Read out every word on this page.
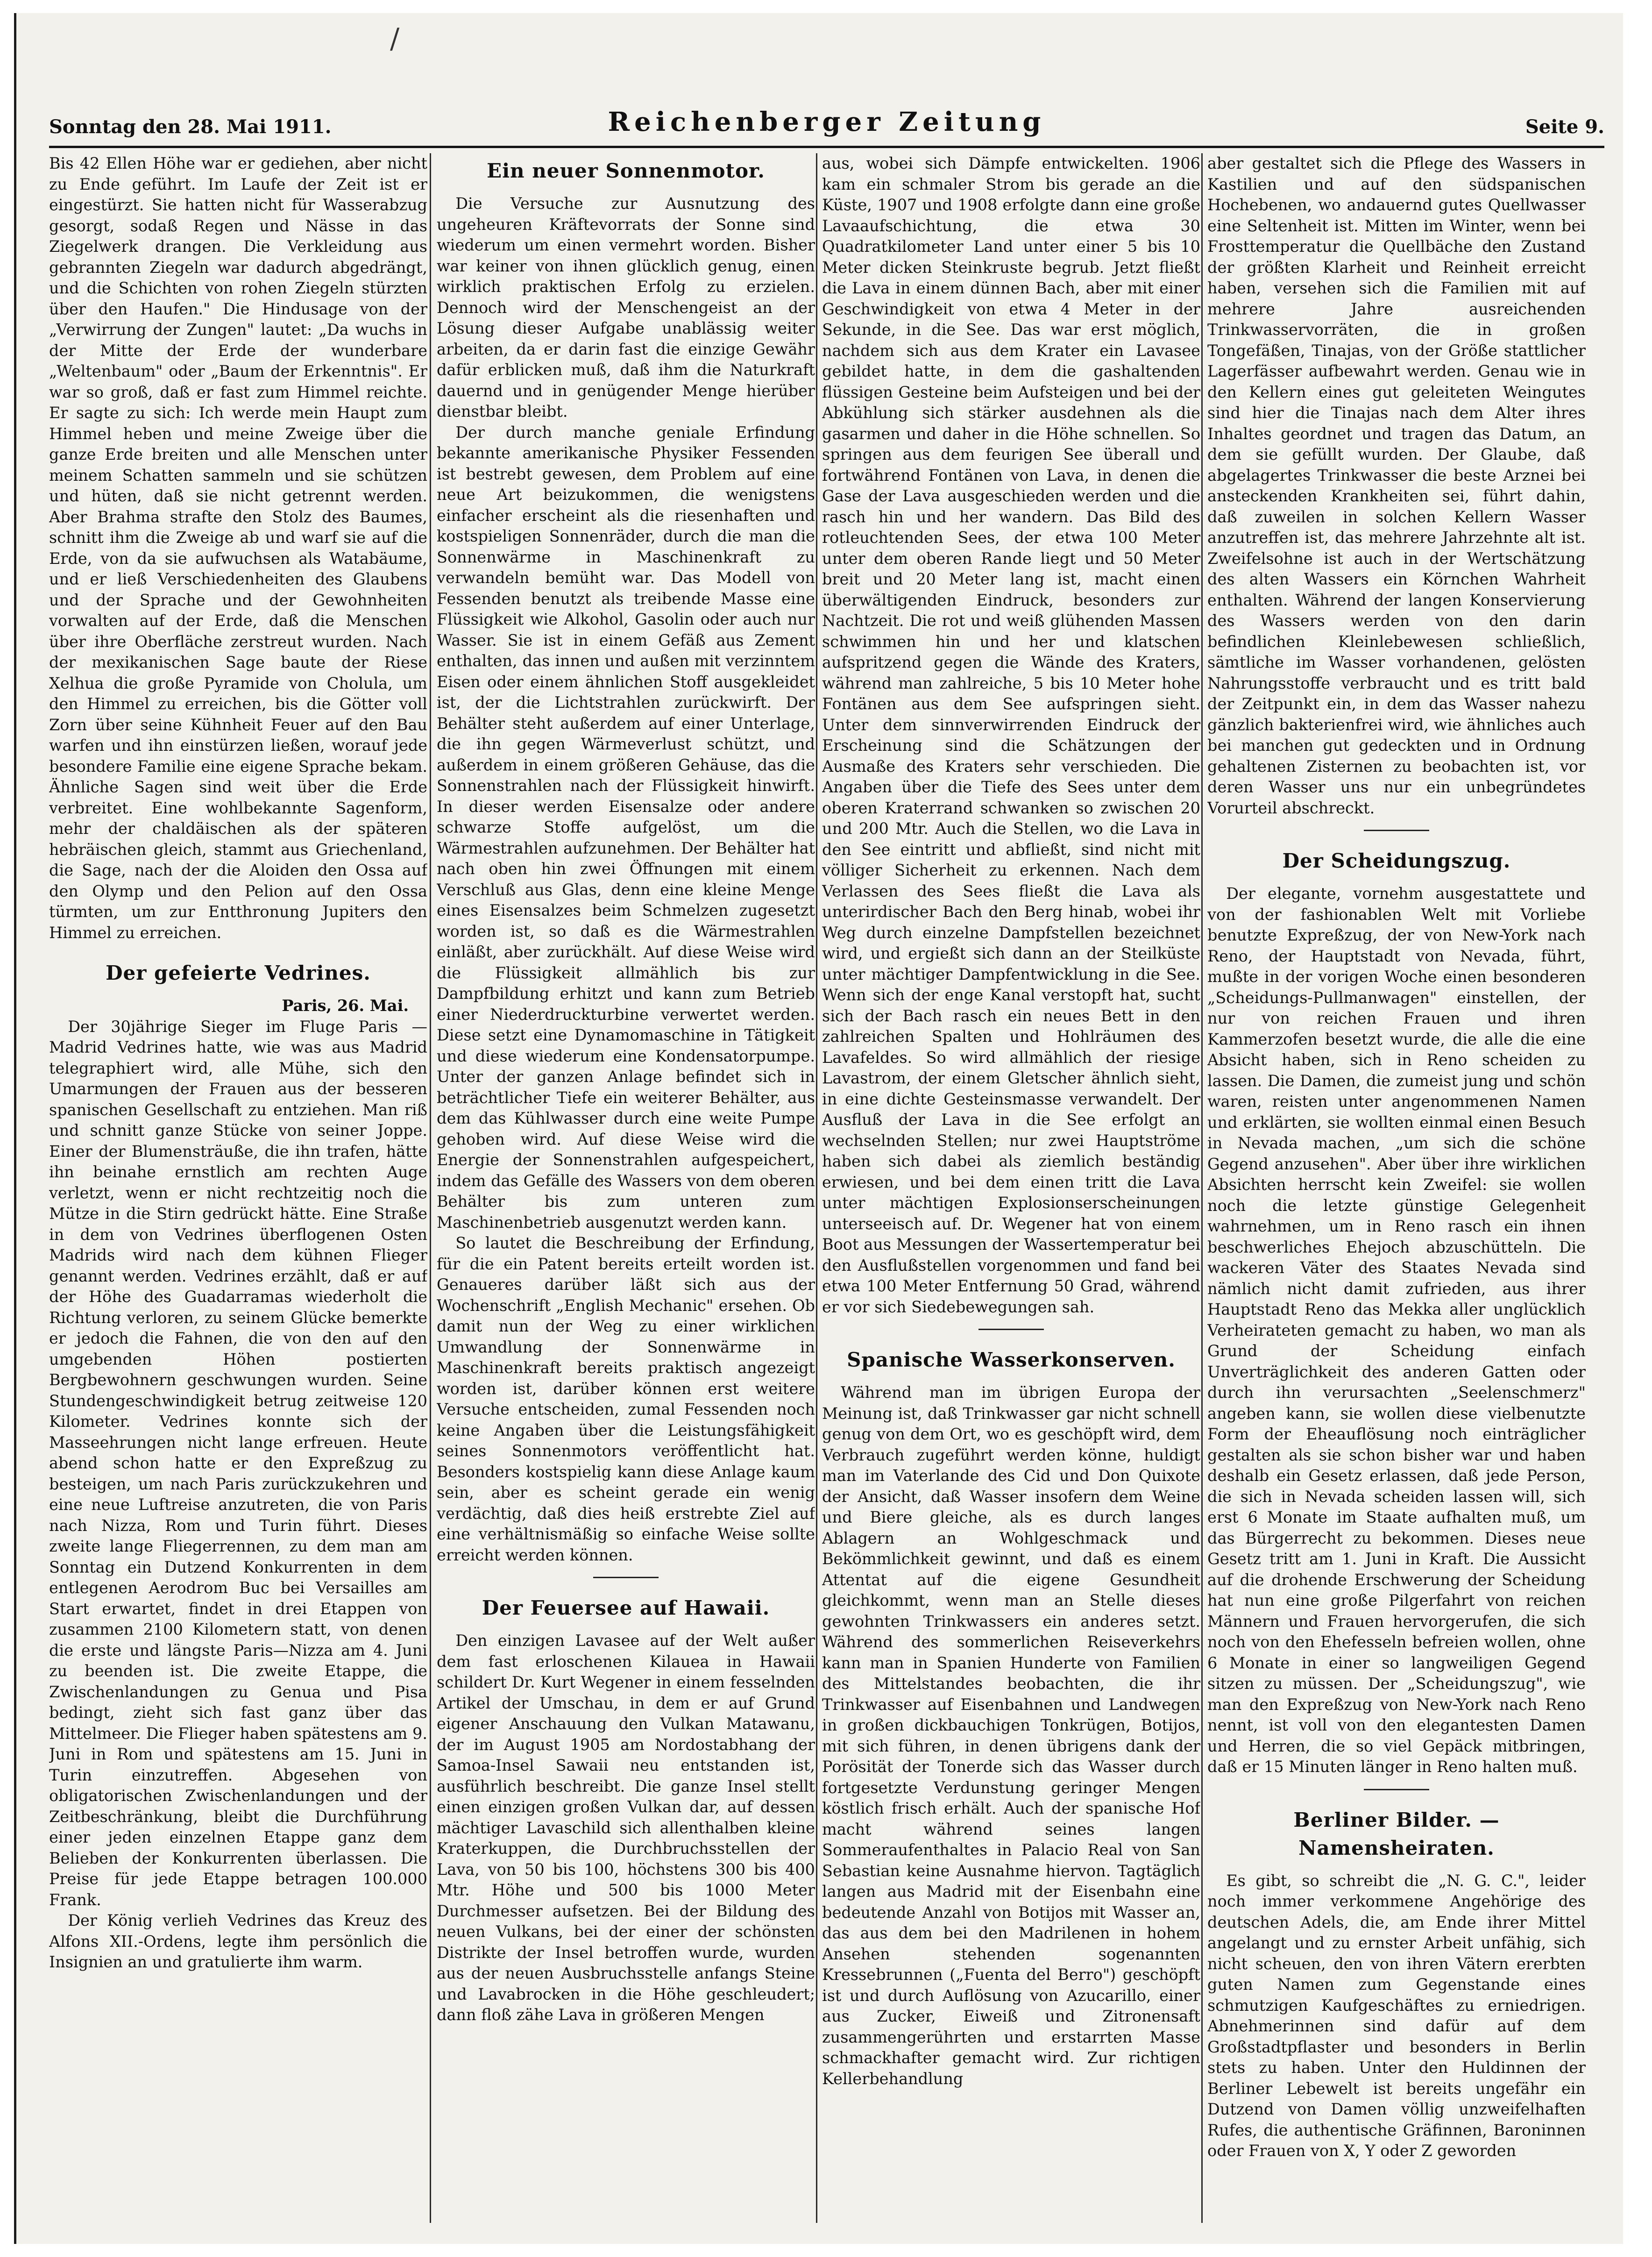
/
Sonntag den 28. Mai 1911.	Reichenberger Zeitung	Seite 9.

Bis 42 Ellen Höhe war er gediehen, aber nicht zu Ende geführt. Im Laufe der Zeit ist er eingestürzt. Sie hatten nicht für Wasserabzug gesorgt, sodaß Regen und Nässe in das Ziegelwerk drangen. Die Verkleidung aus gebrannten Ziegeln war dadurch abgedrängt, und die Schichten von rohen Ziegeln stürzten über den Haufen." Die Hindusage von der „Verwirrung der Zungen" lautet: „Da wuchs in der Mitte der Erde der wunderbare „Weltenbaum" oder „Baum der Erkenntnis". Er war so groß, daß er fast zum Himmel reichte. Er sagte zu sich: Ich werde mein Haupt zum Himmel heben und meine Zweige über die ganze Erde breiten und alle Menschen unter meinem Schatten sammeln und sie schützen und hüten, daß sie nicht getrennt werden. Aber Brahma strafte den Stolz des Baumes, schnitt ihm die Zweige ab und warf sie auf die Erde, von da sie aufwuchsen als Watabäume, und er ließ Verschiedenheiten des Glaubens und der Sprache und der Gewohnheiten vorwalten auf der Erde, daß die Menschen über ihre Oberfläche zerstreut wurden. Nach der mexikanischen Sage baute der Riese Xelhua die große Pyramide von Cholula, um den Himmel zu erreichen, bis die Götter voll Zorn über seine Kühnheit Feuer auf den Bau warfen und ihn einstürzen ließen, worauf jede besondere Familie eine eigene Sprache bekam. Ähnliche Sagen sind weit über die Erde verbreitet. Eine wohlbekannte Sagenform, mehr der chaldäischen als der späteren hebräischen gleich, stammt aus Griechenland, die Sage, nach der die Aloiden den Ossa auf den Olymp und den Pelion auf den Ossa türmten, um zur Entthronung Jupiters den Himmel zu erreichen.

Der gefeierte Vedrines.

Paris, 26. Mai.

Der 30jährige Sieger im Fluge Paris —Madrid Vedrines hatte, wie was aus Madrid telegraphiert wird, alle Mühe, sich den Umarmungen der Frauen aus der besseren spanischen Gesellschaft zu entziehen. Man riß und schnitt ganze Stücke von seiner Joppe. Einer der Blumensträuße, die ihn trafen, hätte ihn beinahe ernstlich am rechten Auge verletzt, wenn er nicht rechtzeitig noch die Mütze in die Stirn gedrückt hätte. Eine Straße in dem von Vedrines überflogenen Osten Madrids wird nach dem kühnen Flieger genannt werden. Vedrines erzählt, daß er auf der Höhe des Guadarramas wiederholt die Richtung verloren, zu seinem Glücke bemerkte er jedoch die Fahnen, die von den auf den umgebenden Höhen postierten Bergbewohnern geschwungen wurden. Seine Stundengeschwindigkeit betrug zeitweise 120 Kilometer. Vedrines konnte sich der Masseehrungen nicht lange erfreuen. Heute abend schon hatte er den Expreßzug zu besteigen, um nach Paris zurückzukehren und eine neue Luftreise anzutreten, die von Paris nach Nizza, Rom und Turin führt. Dieses zweite lange Fliegerrennen, zu dem man am Sonntag ein Dutzend Konkurrenten in dem entlegenen Aerodrom Buc bei Versailles am Start erwartet, findet in drei Etappen von zusammen 2100 Kilometern statt, von denen die erste und längste Paris—Nizza am 4. Juni zu beenden ist. Die zweite Etappe, die Zwischenlandungen zu Genua und Pisa bedingt, zieht sich fast ganz über das Mittelmeer. Die Flieger haben spätestens am 9. Juni in Rom und spätestens am 15. Juni in Turin einzutreffen. Abgesehen von obligatorischen Zwischenlandungen und der Zeitbeschränkung, bleibt die Durchführung einer jeden einzelnen Etappe ganz dem Belieben der Konkurrenten überlassen. Die Preise für jede Etappe betragen 100.000 Frank.

Der König verlieh Vedrines das Kreuz des Alfons XII.-Ordens, legte ihm persönlich die Insignien an und gratulierte ihm warm.

Ein neuer Sonnenmotor.

Die Versuche zur Ausnutzung des ungeheuren Kräftevorrats der Sonne sind wiederum um einen vermehrt worden. Bisher war keiner von ihnen glücklich genug, einen wirklich praktischen Erfolg zu erzielen. Dennoch wird der Menschengeist an der Lösung dieser Aufgabe unablässig weiter arbeiten, da er darin fast die einzige Gewähr dafür erblicken muß, daß ihm die Naturkraft dauernd und in genügender Menge hierüber dienstbar bleibt.

Der durch manche geniale Erfindung bekannte amerikanische Physiker Fessenden ist bestrebt gewesen, dem Problem auf eine neue Art beizukommen, die wenigstens einfacher erscheint als die riesenhaften und kostspieligen Sonnenräder, durch die man die Sonnenwärme in Maschinenkraft zu verwandeln bemüht war. Das Modell von Fessenden benutzt als treibende Masse eine Flüssigkeit wie Alkohol, Gasolin oder auch nur Wasser. Sie ist in einem Gefäß aus Zement enthalten, das innen und außen mit verzinntem Eisen oder einem ähnlichen Stoff ausgekleidet ist, der die Lichtstrahlen zurückwirft. Der Behälter steht außerdem auf einer Unterlage, die ihn gegen Wärmeverlust schützt, und außerdem in einem größeren Gehäuse, das die Sonnenstrahlen nach der Flüssigkeit hinwirft. In dieser werden Eisensalze oder andere schwarze Stoffe aufgelöst, um die Wärmestrahlen aufzunehmen. Der Behälter hat nach oben hin zwei Öffnungen mit einem Verschluß aus Glas, denn eine kleine Menge eines Eisensalzes beim Schmelzen zugesetzt worden ist, so daß es die Wärmestrahlen einläßt, aber zurückhält. Auf diese Weise wird die Flüssigkeit allmählich bis zur Dampfbildung erhitzt und kann zum Betrieb einer Niederdruckturbine verwertet werden. Diese setzt eine Dynamomaschine in Tätigkeit und diese wiederum eine Kondensatorpumpe. Unter der ganzen Anlage befindet sich in beträchtlicher Tiefe ein weiterer Behälter, aus dem das Kühlwasser durch eine weite Pumpe gehoben wird. Auf diese Weise wird die Energie der Sonnenstrahlen aufgespeichert, indem das Gefälle des Wassers von dem oberen Behälter bis zum unteren zum Maschinenbetrieb ausgenutzt werden kann.

So lautet die Beschreibung der Erfindung, für die ein Patent bereits erteilt worden ist. Genaueres darüber läßt sich aus der Wochenschrift „English Mechanic" ersehen. Ob damit nun der Weg zu einer wirklichen Umwandlung der Sonnenwärme in Maschinenkraft bereits praktisch angezeigt worden ist, darüber können erst weitere Versuche entscheiden, zumal Fessenden noch keine Angaben über die Leistungsfähigkeit seines Sonnenmotors veröffentlicht hat. Besonders kostspielig kann diese Anlage kaum sein, aber es scheint gerade ein wenig verdächtig, daß dies heiß erstrebte Ziel auf eine verhältnismäßig so einfache Weise sollte erreicht werden können.

Der Feuersee auf Hawaii.

Den einzigen Lavasee auf der Welt außer dem fast erloschenen Kilauea in Hawaii schildert Dr. Kurt Wegener in einem fesselnden Artikel der Umschau, in dem er auf Grund eigener Anschauung den Vulkan Matawanu, der im August 1905 am Nordostabhang der Samoa-Insel Sawaii neu entstanden ist, ausführlich beschreibt. Die ganze Insel stellt einen einzigen großen Vulkan dar, auf dessen mächtiger Lavaschild sich allenthalben kleine Kraterkuppen, die Durchbruchsstellen der Lava, von 50 bis 100, höchstens 300 bis 400 Mtr. Höhe und 500 bis 1000 Meter Durchmesser aufsetzen. Bei der Bildung des neuen Vulkans, bei der einer der schönsten Distrikte der Insel betroffen wurde, wurden aus der neuen Ausbruchsstelle anfangs Steine und Lavabrocken in die Höhe geschleudert; dann floß zähe Lava in größeren Mengen

aus, wobei sich Dämpfe entwickelten. 1906 kam ein schmaler Strom bis gerade an die Küste, 1907 und 1908 erfolgte dann eine große Lavaaufschichtung, die etwa 30 Quadratkilometer Land unter einer 5 bis 10 Meter dicken Steinkruste begrub. Jetzt fließt die Lava in einem dünnen Bach, aber mit einer Geschwindigkeit von etwa 4 Meter in der Sekunde, in die See. Das war erst möglich, nachdem sich aus dem Krater ein Lavasee gebildet hatte, in dem die gashaltenden flüssigen Gesteine beim Aufsteigen und bei der Abkühlung sich stärker ausdehnen als die gasarmen und daher in die Höhe schnellen. So springen aus dem feurigen See überall und fortwährend Fontänen von Lava, in denen die Gase der Lava ausgeschieden werden und die rasch hin und her wandern. Das Bild des rotleuchtenden Sees, der etwa 100 Meter unter dem oberen Rande liegt und 50 Meter breit und 20 Meter lang ist, macht einen überwältigenden Eindruck, besonders zur Nachtzeit. Die rot und weiß glühenden Massen schwimmen hin und her und klatschen aufspritzend gegen die Wände des Kraters, während man zahlreiche, 5 bis 10 Meter hohe Fontänen aus dem See aufspringen sieht. Unter dem sinnverwirrenden Eindruck der Erscheinung sind die Schätzungen der Ausmaße des Kraters sehr verschieden. Die Angaben über die Tiefe des Sees unter dem oberen Kraterrand schwanken so zwischen 20 und 200 Mtr. Auch die Stellen, wo die Lava in den See eintritt und abfließt, sind nicht mit völliger Sicherheit zu erkennen. Nach dem Verlassen des Sees fließt die Lava als unterirdischer Bach den Berg hinab, wobei ihr Weg durch einzelne Dampfstellen bezeichnet wird, und ergießt sich dann an der Steilküste unter mächtiger Dampfentwicklung in die See. Wenn sich der enge Kanal verstopft hat, sucht sich der Bach rasch ein neues Bett in den zahlreichen Spalten und Hohlräumen des Lavafeldes. So wird allmählich der riesige Lavastrom, der einem Gletscher ähnlich sieht, in eine dichte Gesteinsmasse verwandelt. Der Ausfluß der Lava in die See erfolgt an wechselnden Stellen; nur zwei Hauptströme haben sich dabei als ziemlich beständig erwiesen, und bei dem einen tritt die Lava unter mächtigen Explosionserscheinungen unterseeisch auf. Dr. Wegener hat von einem Boot aus Messungen der Wassertemperatur bei den Ausflußstellen vorgenommen und fand bei etwa 100 Meter Entfernung 50 Grad, während er vor sich Siedebewegungen sah.

Spanische Wasserkonserven.

Während man im übrigen Europa der Meinung ist, daß Trinkwasser gar nicht schnell genug von dem Ort, wo es geschöpft wird, dem Verbrauch zugeführt werden könne, huldigt man im Vaterlande des Cid und Don Quixote der Ansicht, daß Wasser insofern dem Weine und Biere gleiche, als es durch langes Ablagern an Wohlgeschmack und Bekömmlichkeit gewinnt, und daß es einem Attentat auf die eigene Gesundheit gleichkommt, wenn man an Stelle dieses gewohnten Trinkwassers ein anderes setzt. Während des sommerlichen Reiseverkehrs kann man in Spanien Hunderte von Familien des Mittelstandes beobachten, die ihr Trinkwasser auf Eisenbahnen und Landwegen in großen dickbauchigen Tonkrügen, Botijos, mit sich führen, in denen übrigens dank der Porösität der Tonerde sich das Wasser durch fortgesetzte Verdunstung geringer Mengen köstlich frisch erhält. Auch der spanische Hof macht während seines langen Sommeraufenthaltes in Palacio Real von San Sebastian keine Ausnahme hiervon. Tagtäglich langen aus Madrid mit der Eisenbahn eine bedeutende Anzahl von Botijos mit Wasser an, das aus dem bei den Madrilenen in hohem Ansehen stehenden sogenannten Kressebrunnen („Fuenta del Berro") geschöpft ist und durch Auflösung von Azucarillo, einer aus Zucker, Eiweiß und Zitronensaft zusammengerührten und erstarrten Masse schmackhafter gemacht wird. Zur richtigen Kellerbehandlung

aber gestaltet sich die Pflege des Wassers in Kastilien und auf den südspanischen Hochebenen, wo andauernd gutes Quellwasser eine Seltenheit ist. Mitten im Winter, wenn bei Frosttemperatur die Quellbäche den Zustand der größten Klarheit und Reinheit erreicht haben, versehen sich die Familien mit auf mehrere Jahre ausreichenden Trinkwasservorräten, die in großen Tongefäßen, Tinajas, von der Größe stattlicher Lagerfässer aufbewahrt werden. Genau wie in den Kellern eines gut geleiteten Weingutes sind hier die Tinajas nach dem Alter ihres Inhaltes geordnet und tragen das Datum, an dem sie gefüllt wurden. Der Glaube, daß abgelagertes Trinkwasser die beste Arznei bei ansteckenden Krankheiten sei, führt dahin, daß zuweilen in solchen Kellern Wasser anzutreffen ist, das mehrere Jahrzehnte alt ist. Zweifelsohne ist auch in der Wertschätzung des alten Wassers ein Körnchen Wahrheit enthalten. Während der langen Konservierung des Wassers werden von den darin befindlichen Kleinlebewesen schließlich, sämtliche im Wasser vorhandenen, gelösten Nahrungsstoffe verbraucht und es tritt bald der Zeitpunkt ein, in dem das Wasser nahezu gänzlich bakterienfrei wird, wie ähnliches auch bei manchen gut gedeckten und in Ordnung gehaltenen Zisternen zu beobachten ist, vor deren Wasser uns nur ein unbegründetes Vorurteil abschreckt.

Der Scheidungszug.

Der elegante, vornehm ausgestattete und von der fashionablen Welt mit Vorliebe benutzte Expreßzug, der von New-York nach Reno, der Hauptstadt von Nevada, führt, mußte in der vorigen Woche einen besonderen „Scheidungs-Pullmanwagen" einstellen, der nur von reichen Frauen und ihren Kammerzofen besetzt wurde, die alle die eine Absicht haben, sich in Reno scheiden zu lassen. Die Damen, die zumeist jung und schön waren, reisten unter angenommenen Namen und erklärten, sie wollten einmal einen Besuch in Nevada machen, „um sich die schöne Gegend anzusehen". Aber über ihre wirklichen Absichten herrscht kein Zweifel: sie wollen noch die letzte günstige Gelegenheit wahrnehmen, um in Reno rasch ein ihnen beschwerliches Ehejoch abzuschütteln. Die wackeren Väter des Staates Nevada sind nämlich nicht damit zufrieden, aus ihrer Hauptstadt Reno das Mekka aller unglücklich Verheirateten gemacht zu haben, wo man als Grund der Scheidung einfach Unverträglichkeit des anderen Gatten oder durch ihn verursachten „Seelenschmerz" angeben kann, sie wollen diese vielbenutzte Form der Eheauflösung noch einträglicher gestalten als sie schon bisher war und haben deshalb ein Gesetz erlassen, daß jede Person, die sich in Nevada scheiden lassen will, sich erst 6 Monate im Staate aufhalten muß, um das Bürgerrecht zu bekommen. Dieses neue Gesetz tritt am 1. Juni in Kraft. Die Aussicht auf die drohende Erschwerung der Scheidung hat nun eine große Pilgerfahrt von reichen Männern und Frauen hervorgerufen, die sich noch von den Ehefesseln befreien wollen, ohne 6 Monate in einer so langweiligen Gegend sitzen zu müssen. Der „Scheidungszug", wie man den Expreßzug von New-York nach Reno nennt, ist voll von den elegantesten Damen und Herren, die so viel Gepäck mitbringen, daß er 15 Minuten länger in Reno halten muß.

Berliner Bilder. — Namensheiraten.

Es gibt, so schreibt die „N. G. C.", leider noch immer verkommene Angehörige des deutschen Adels, die, am Ende ihrer Mittel angelangt und zu ernster Arbeit unfähig, sich nicht scheuen, den von ihren Vätern ererbten guten Namen zum Gegenstande eines schmutzigen Kaufgeschäftes zu erniedrigen. Abnehmerinnen sind dafür auf dem Großstadtpflaster und besonders in Berlin stets zu haben. Unter den Huldinnen der Berliner Lebewelt ist bereits ungefähr ein Dutzend von Damen völlig unzweifelhaften Rufes, die authentische Gräfinnen, Baroninnen oder Frauen von X, Y oder Z geworden
